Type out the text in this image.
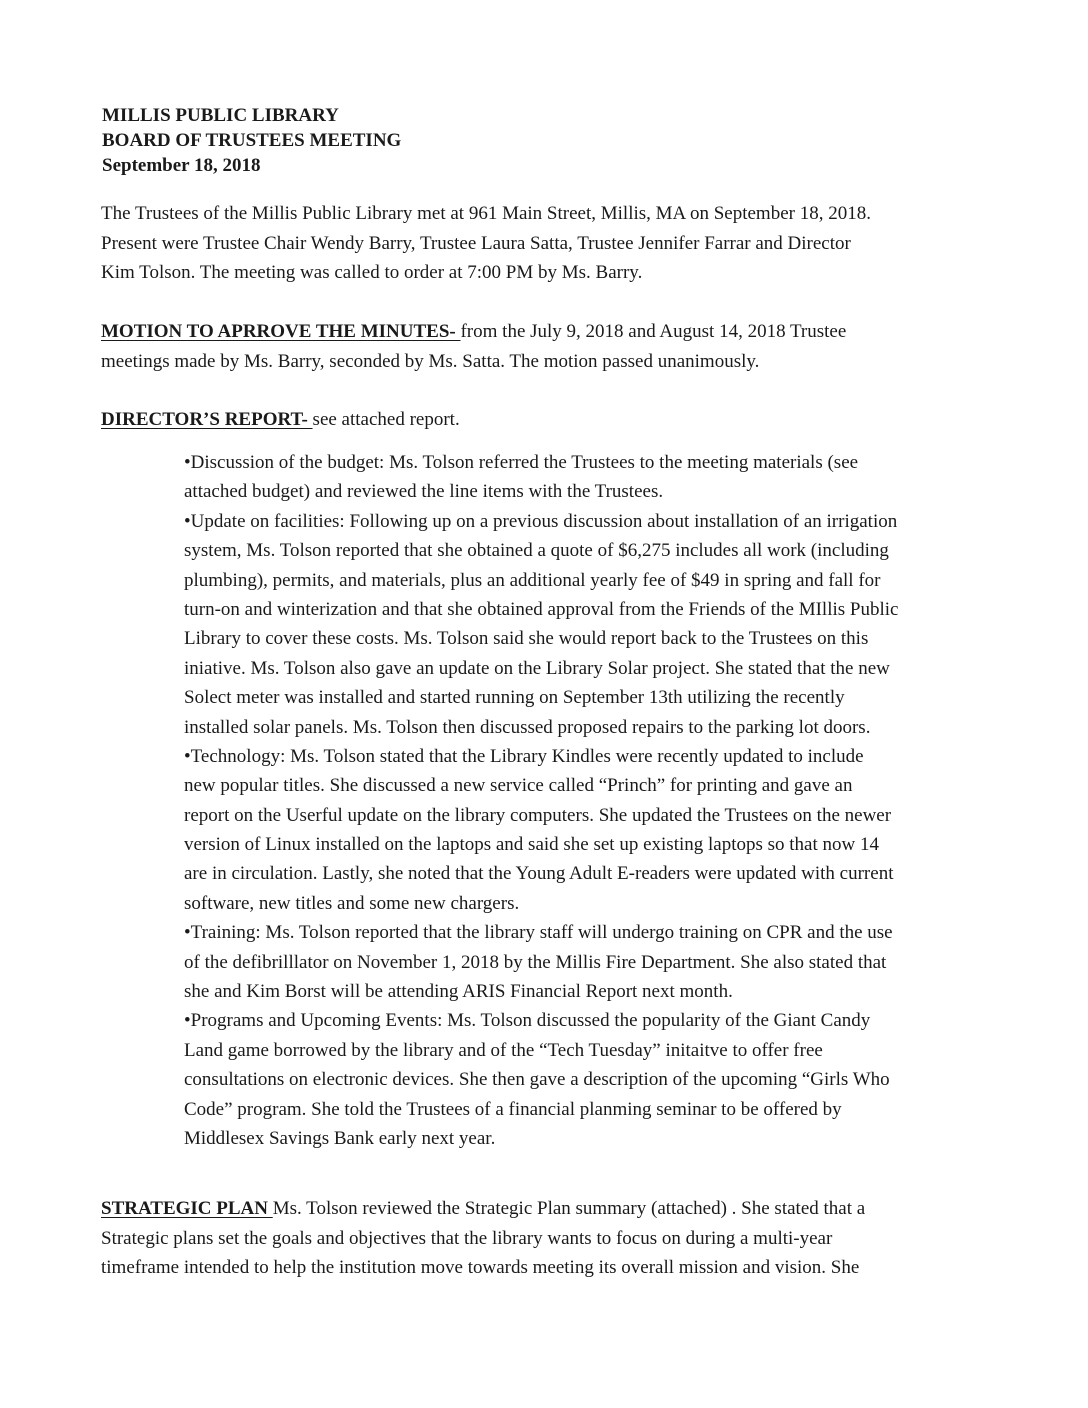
MILLIS PUBLIC LIBRARY
BOARD OF TRUSTEES MEETING
September 18, 2018
The Trustees of the Millis Public Library met at 961 Main Street, Millis, MA on September 18, 2018.
Present were Trustee Chair Wendy Barry, Trustee Laura Satta, Trustee Jennifer Farrar and Director
Kim Tolson. The meeting was called to order at 7:00 PM by Ms. Barry.
MOTION TO APRROVE THE MINUTES- from the July 9, 2018 and August 14, 2018 Trustee
meetings made by Ms. Barry, seconded by Ms. Satta. The motion passed unanimously.
DIRECTOR’S REPORT- see attached report.
•Discussion of the budget: Ms. Tolson referred the Trustees to the meeting materials (see
attached budget) and reviewed the line items with the Trustees.
•Update on facilities: Following up on a previous discussion about installation of an irrigation
system, Ms. Tolson reported that she obtained a quote of $6,275 includes all work (including
plumbing), permits, and materials, plus an additional yearly fee of $49 in spring and fall for
turn-on and winterization and that she obtained approval from the Friends of the MIllis Public
Library to cover these costs. Ms. Tolson said she would report back to the Trustees on this
iniative. Ms. Tolson also gave an update on the Library Solar project. She stated that the new
Solect meter was installed and started running on September 13th utilizing the recently
installed solar panels. Ms. Tolson then discussed proposed repairs to the parking lot doors.
•Technology: Ms. Tolson stated that the Library Kindles were recently updated to include
new popular titles. She discussed a new service called “Princh” for printing and gave an
report on the Userful update on the library computers. She updated the Trustees on the newer
version of Linux installed on the laptops and said she set up existing laptops so that now 14
are in circulation. Lastly, she noted that the Young Adult E-readers were updated with current
software, new titles and some new chargers.
•Training: Ms. Tolson reported that the library staff will undergo training on CPR and the use
of the defibrilllator on November 1, 2018 by the Millis Fire Department. She also stated that
she and Kim Borst will be attending ARIS Financial Report next month.
•Programs and Upcoming Events: Ms. Tolson discussed the popularity of the Giant Candy
Land game borrowed by the library and of the “Tech Tuesday” initaitve to offer free
consultations on electronic devices. She then gave a description of the upcoming “Girls Who
Code” program. She told the Trustees of a financial planming seminar to be offered by
Middlesex Savings Bank early next year.
STRATEGIC PLAN Ms. Tolson reviewed the Strategic Plan summary (attached) . She stated that a
Strategic plans set the goals and objectives that the library wants to focus on during a multi-year
timeframe intended to help the institution move towards meeting its overall mission and vision. She
